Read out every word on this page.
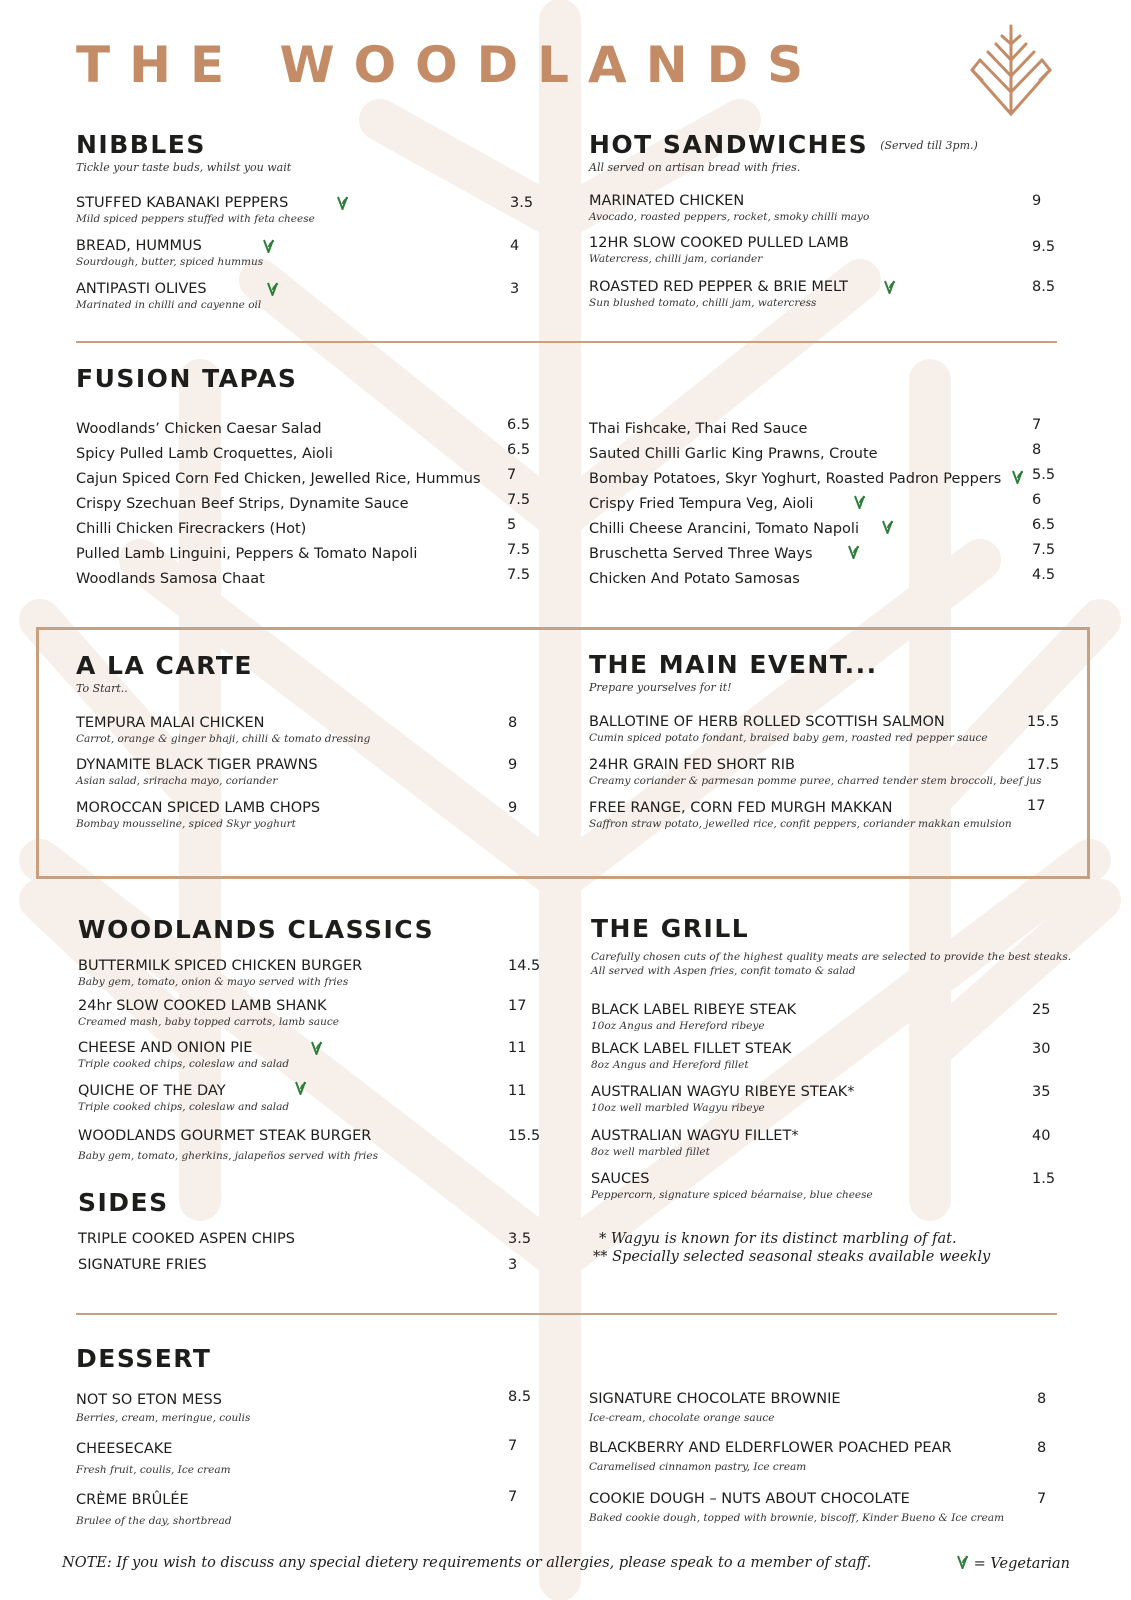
THE WOODLANDS
NIBBLES
Tickle your taste buds, whilst you wait
STUFFED KABANAKI PEPPERS
Mild spiced peppers stuffed with feta cheese
3.5
BREAD, HUMMUS
Sourdough, butter, spiced hummus
4
ANTIPASTI OLIVES
Marinated in chilli and cayenne oil
3
HOT SANDWICHES (Served till 3pm.)
All served on artisan bread with fries.
MARINATED CHICKEN
Avocado, roasted peppers, rocket, smoky chilli mayo
9
12HR SLOW COOKED PULLED LAMB
Watercress, chilli jam, coriander
9.5
ROASTED RED PEPPER & BRIE MELT
Sun blushed tomato, chilli jam, watercress
8.5
FUSION TAPAS
Woodlands’ Chicken Caesar Salad	6.5
Spicy Pulled Lamb Croquettes, Aioli	6.5
Cajun Spiced Corn Fed Chicken, Jewelled Rice, Hummus 7
Crispy Szechuan Beef Strips, Dynamite Sauce	7.5
Chilli Chicken Firecrackers (Hot)	5
Pulled Lamb Linguini, Peppers & Tomato Napoli	7.5
Woodlands Samosa Chaat	7.5
Thai Fishcake, Thai Red Sauce	7
Sauted Chilli Garlic King Prawns, Croute	8
Bombay Potatoes, Skyr Yoghurt, Roasted Padron Peppers 5.5
Crispy Fried Tempura Veg, Aioli	6
Chilli Cheese Arancini, Tomato Napoli	6.5
Bruschetta Served Three Ways	7.5
Chicken And Potato Samosas	4.5
A LA CARTE
To Start..
TEMPURA MALAI CHICKEN
Carrot, orange & ginger bhaji, chilli & tomato dressing
8
DYNAMITE BLACK TIGER PRAWNS
Asian salad, sriracha mayo, coriander
9
MOROCCAN SPICED LAMB CHOPS
Bombay mousseline, spiced Skyr yoghurt
9
THE MAIN EVENT...
Prepare yourselves for it!
BALLOTINE OF HERB ROLLED SCOTTISH SALMON
Cumin spiced potato fondant, braised baby gem, roasted red pepper sauce
15.5
24HR GRAIN FED SHORT RIB
Creamy coriander & parmesan pomme puree, charred tender stem broccoli, beef jus
17.5
FREE RANGE, CORN FED MURGH MAKKAN
Saffron straw potato, jewelled rice, confit peppers, coriander makkan emulsion
17
WOODLANDS CLASSICS
BUTTERMILK SPICED CHICKEN BURGER
Baby gem, tomato, onion & mayo served with fries
14.5
24hr SLOW COOKED LAMB SHANK
Creamed mash, baby topped carrots, lamb sauce
17
CHEESE AND ONION PIE
Triple cooked chips, coleslaw and salad
11
QUICHE OF THE DAY
Triple cooked chips, coleslaw and salad
11
WOODLANDS GOURMET STEAK BURGER
Baby gem, tomato, gherkins, jalapeños served with fries
15.5
SIDES
TRIPLE COOKED ASPEN CHIPS	3.5
SIGNATURE FRIES	3
THE GRILL
Carefully chosen cuts of the highest quality meats are selected to provide the best steaks.
All served with Aspen fries, confit tomato & salad
BLACK LABEL RIBEYE STEAK
10oz Angus and Hereford ribeye
25
BLACK LABEL FILLET STEAK
8oz Angus and Hereford fillet
30
AUSTRALIAN WAGYU RIBEYE STEAK*
10oz well marbled Wagyu ribeye
35
AUSTRALIAN WAGYU FILLET*
8oz well marbled fillet
40
SAUCES
Peppercorn, signature spiced béarnaise, blue cheese
1.5
* Wagyu is known for its distinct marbling of fat.
** Specially selected seasonal steaks available weekly
DESSERT
NOT SO ETON MESS
Berries, cream, meringue, coulis
8.5
CHEESECAKE
Fresh fruit, coulis, Ice cream
7
CRÈME BRÛLÉE
Brulee of the day, shortbread
7
SIGNATURE CHOCOLATE BROWNIE
Ice-cream, chocolate orange sauce
8
BLACKBERRY AND ELDERFLOWER POACHED PEAR
Caramelised cinnamon pastry, Ice cream
8
COOKIE DOUGH – NUTS ABOUT CHOCOLATE
Baked cookie dough, topped with brownie, biscoff, Kinder Bueno & Ice cream
7
NOTE: If you wish to discuss any special dietery requirements or allergies, please speak to a member of staff.	= Vegetarian
